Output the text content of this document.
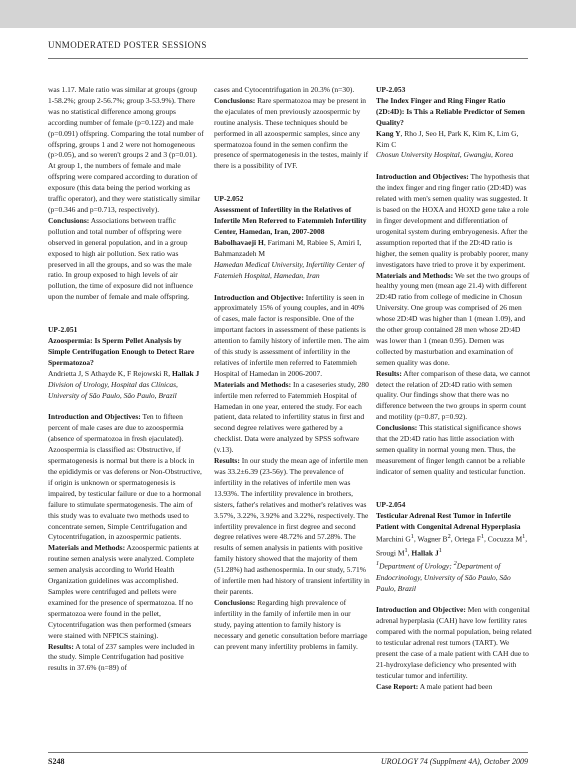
UNMODERATED POSTER SESSIONS

was 1.17. Male ratio was similar at groups (group 1-58.2%; group 2-56.7%; group 3-53.9%). There was no statistical difference among groups according number of female (p=0.122) and male (p=0.091) offspring. Comparing the total number of offspring, groups 1 and 2 were not homogeneous (p>0.05), and so weren't groups 2 and 3 (p=0.01). At group 1, the numbers of female and male offspring were compared according to duration of exposure (this data being the period working as traffic operator), and they were statistically similar (p=0.346 and p=0.713, respectively).

Conclusions: Associations between traffic pollution and total number of offspring were observed in general population, and in a group exposed to high air pollution. Sex ratio was preserved in all the groups, and so was the male ratio. In group exposed to high levels of air pollution, the time of exposure did not influence upon the number of female and male offspring.

UP-2.051

Azoospermia: Is Sperm Pellet Analysis by Simple Centrifugation Enough to Detect Rare Spermatozoa?

Andrietta J, S Athayde K, F Rejowski R, Hallak J

Division of Urology, Hospital das Clínicas, University of São Paulo, São Paulo, Brazil

Introduction and Objectives: Ten to fifteen percent of male cases are due to azoospermia (absence of spermatozoa in fresh ejaculated). Azoospermia is classified as: Obstructive, if spermatogenesis is normal but there is a block in the epididymis or vas deferens or Non-Obstructive, if origin is unknown or spermatogenesis is impaired, by testicular failure or due to a hormonal failure to stimulate spermatogenesis. The aim of this study was to evaluate two methods used to concentrate semen, Simple Centrifugation and Cytocentrifugation, in azoospermic patients.

Materials and Methods: Azoospermic patients at routine semen analysis were analyzed. Complete semen analysis according to World Health Organization guidelines was accomplished. Samples were centrifuged and pellets were examined for the presence of spermatozoa. If no spermatozoa were found in the pellet, Cytocentrifugation was then performed (smears were stained with NFPICS staining).

Results: A total of 237 samples were included in the study. Simple Centrifugation had positive results in 37.6% (n=89) of

cases and Cytocentrifugation in 20.3% (n=30).

Conclusions: Rare spermatozoa may be present in the ejaculates of men previously azoospermic by routine analysis. These techniques should be performed in all azoospermic samples, since any spermatozoa found in the semen confirm the presence of spermatogenesis in the testes, mainly if there is a possibility of IVF.

UP-2.052

Assessment of Infertility in the Relatives of Infertile Men Referred to Fatemmieh Infertility Center, Hamedan, Iran, 2007-2008

Babolhavaeji H, Farimani M, Rabiee S, Amiri I, Bahmanzadeh M

Hamedan Medical University, Infertility Center of Fatemieh Hospital, Hamedan, Iran

Introduction and Objective: Infertility is seen in approximately 15% of young couples, and in 40% of cases, male factor is responsible. One of the important factors in assessment of these patients is attention to family history of infertile men. The aim of this study is assessment of infertility in the relatives of infertile men referred to Fatemmieh Hospital of Hamedan in 2006-2007.

Materials and Methods: In a caseseries study, 280 infertile men referred to Fatemmieh Hospital of Hamedan in one year, entered the study. For each patient, data related to infertility status in first and second degree relatives were gathered by a checklist. Data were analyzed by SPSS software (v.13).

Results: In our study the mean age of infertile men was 33.2±6.39 (23-56y). The prevalence of infertility in the relatives of infertile men was 13.93%. The infertility prevalence in brothers, sisters, father's relatives and mother's relatives was 3.57%, 3.22%, 3.92% and 3.22%, respectively. The infertility prevalence in first degree and second degree relatives were 48.72% and 57.28%. The results of semen analysis in patients with positive family history showed that the majority of them (51.28%) had asthenospermia. In our study, 5.71% of infertile men had history of transient infertility in their parents.

Conclusions: Regarding high prevalence of infertility in the family of infertile men in our study, paying attention to family history is necessary and genetic consultation before marriage can prevent many infertility problems in family.

UP-2.053

The Index Finger and Ring Finger Ratio (2D:4D): Is This a Reliable Predictor of Semen Quality?

Kang Y, Rho J, Seo H, Park K, Kim K, Lim G, Kim C

Chosun University Hospital, Gwangju, Korea

Introduction and Objectives: The hypothesis that the index finger and ring finger ratio (2D:4D) was related with men's semen quality was suggested. It is based on the HOXA and HOXD gene take a role in finger development and differentiation of urogenital system during embryogenesis. After the assumption reported that if the 2D:4D ratio is higher, the semen quality is probably poorer, many investigators have tried to prove it by experiment.

Materials and Methods: We set the two groups of healthy young men (mean age 21.4) with different 2D:4D ratio from college of medicine in Chosun University. One group was comprised of 26 men whose 2D:4D was higher than 1 (mean 1.09), and the other group contained 28 men whose 2D:4D was lower than 1 (mean 0.95). Demen was collected by masturbation and examination of semen quality was done.

Results: After comparison of these data, we cannot detect the relation of 2D:4D ratio with semen quality. Our findings show that there was no difference between the two groups in sperm count and motility (p=0.87, p=0.92).

Conclusions: This statistical significance shows that the 2D:4D ratio has little association with semen quality in normal young men. Thus, the measurement of finger length cannot be a reliable indicator of semen quality and testicular function.

UP-2.054

Testicular Adrenal Rest Tumor in Infertile Patient with Congenital Adrenal Hyperplasia

Marchini $G^1$, Wagner $B^2$, Ortega $F^1$, Cocuzza $M^1$, Srougi $M^1$, Hallak $J^1$

$^1$Department of Urology; $^2$Department of Endocrinology, University of São Paulo, São Paulo, Brazil

Introduction and Objective: Men with congenital adrenal hyperplasia (CAH) have low fertility rates compared with the normal population, being related to testicular adrenal rest tumors (TART). We present the case of a male patient with CAH due to 21-hydroxylase deficiency who presented with testicular tumor and infertility.

Case Report: A male patient had been

S248	UROLOGY 74 (Supplment 4A), October 2009
